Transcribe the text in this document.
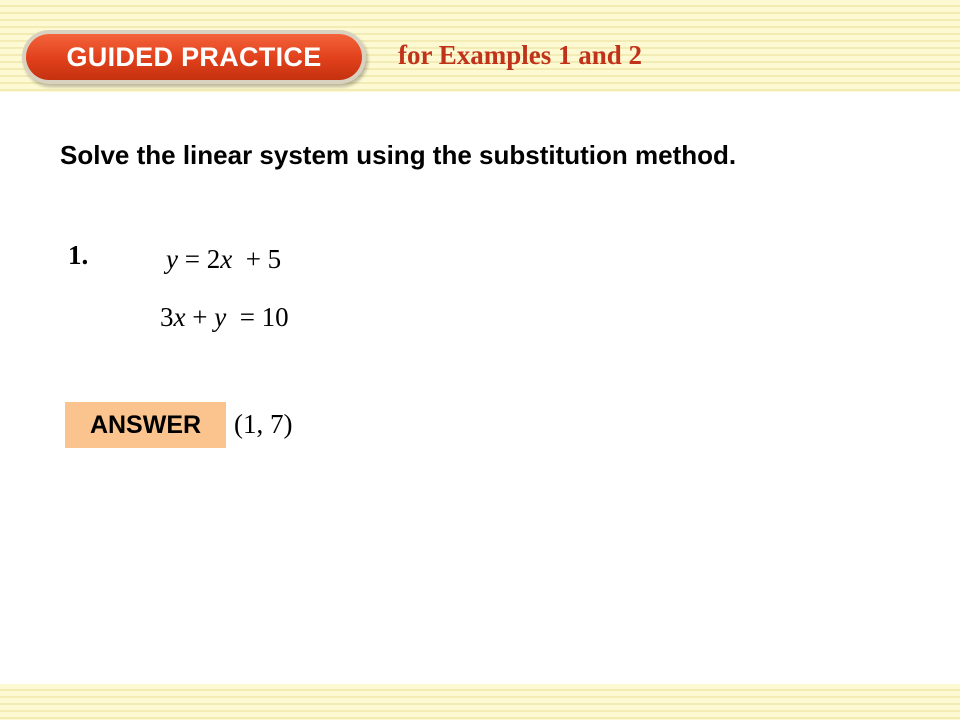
GUIDED PRACTICE	for Examples 1 and 2
Solve the linear system using the substitution method.
1.	y = 2x  + 5
3x + y  = 10
ANSWER	(1, 7)
